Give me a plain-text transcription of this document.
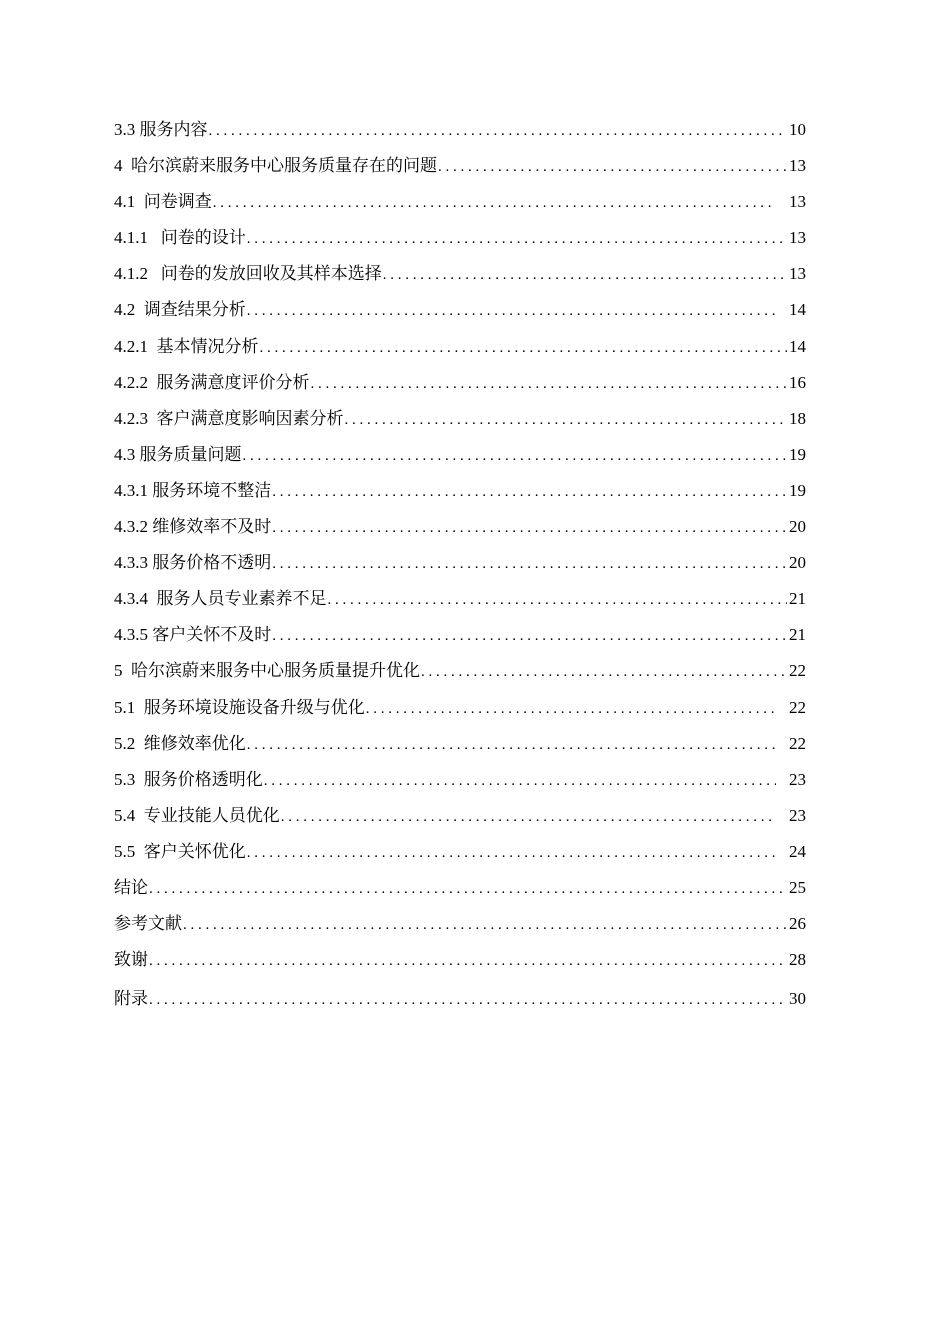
3.3 服务内容 . . .	10
4  哈尔滨蔚来服务中心服务质量存在的问题 . . .	13
4.1  问卷调查 . . .	13
4.1.1   问卷的设计 . . .	13
4.1.2   问卷的发放回收及其样本选择 . . .	13
4.2  调查结果分析 . . .	14
4.2.1  基本情况分析 . . .	14
4.2.2  服务满意度评价分析 . . .	16
4.2.3  客户满意度影响因素分析 . . .	18
4.3 服务质量问题 . . .	19
4.3.1 服务环境不整洁 . . .	19
4.3.2 维修效率不及时 . . .	20
4.3.3 服务价格不透明 . . .	20
4.3.4  服务人员专业素养不足 . . .	21
4.3.5 客户关怀不及时 . . .	21
5  哈尔滨蔚来服务中心服务质量提升优化 . . .	22
5.1  服务环境设施设备升级与优化 . . .	22
5.2  维修效率优化 . . .	22
5.3  服务价格透明化 . . .	23
5.4  专业技能人员优化 . . .	23
5.5  客户关怀优化 . . .	24
结论 . . .	25
参考文献 . . .	26
致谢 . . .	28
附录 . . .	30
